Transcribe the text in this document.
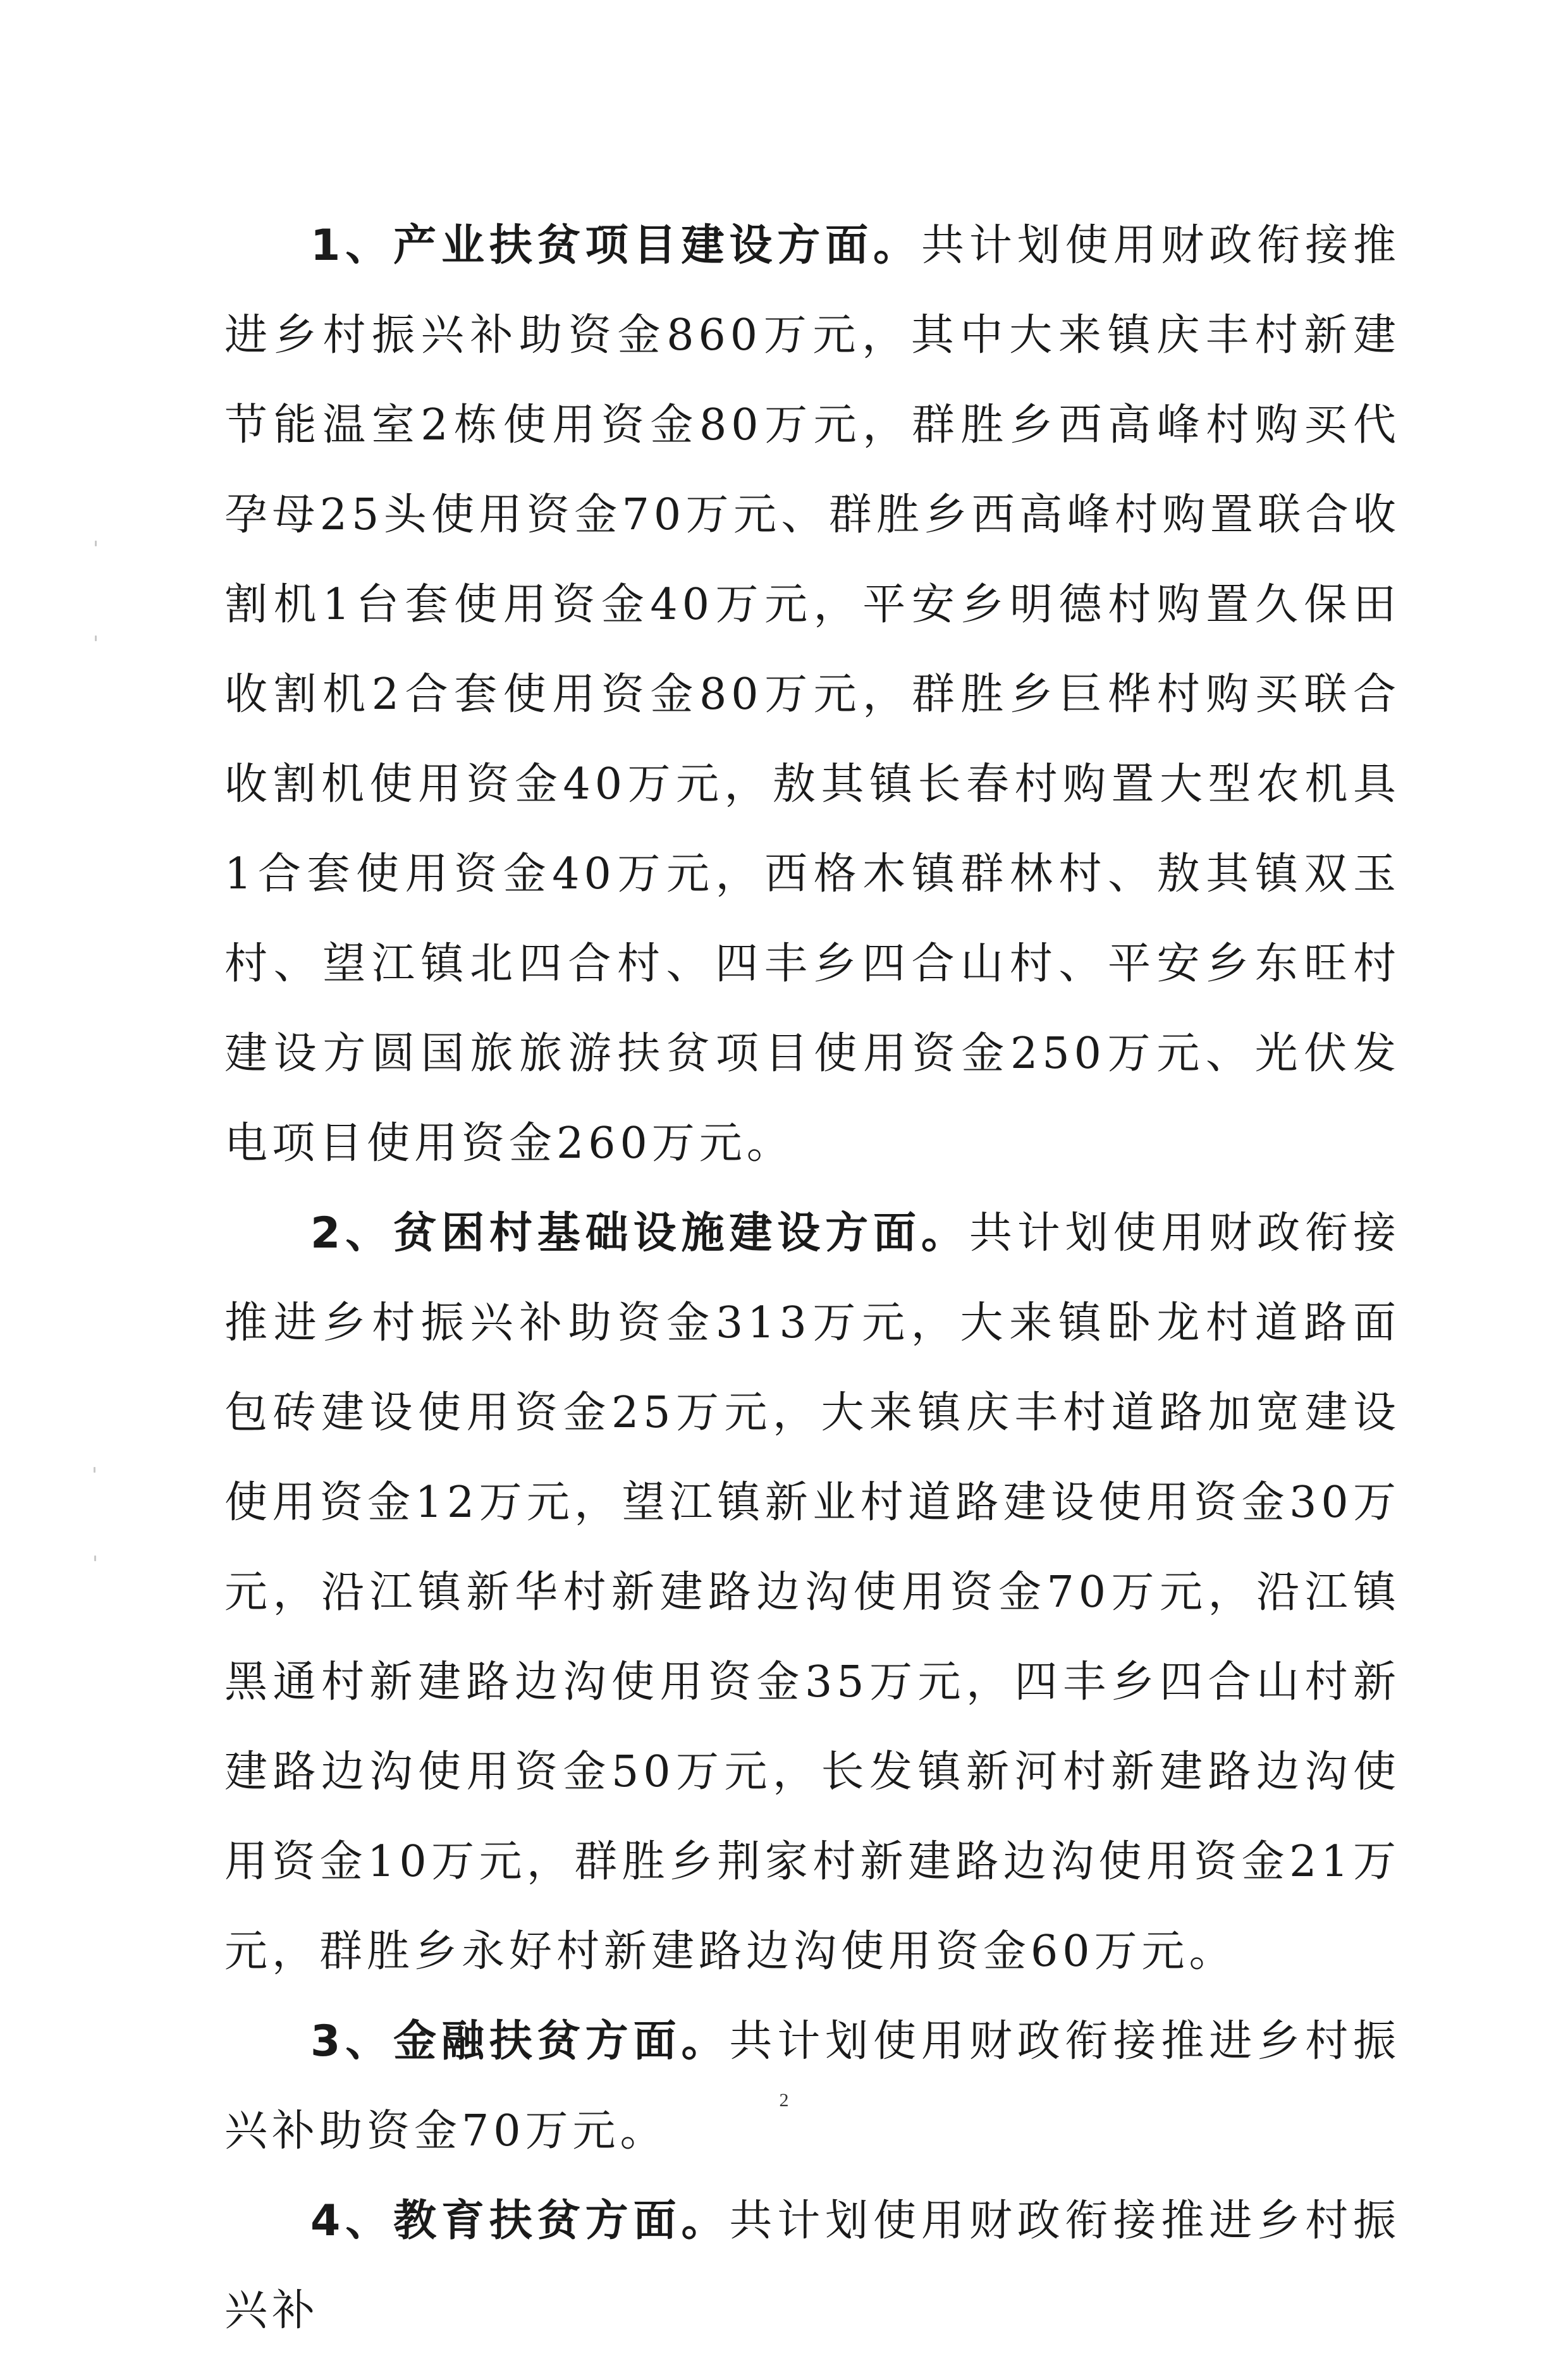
1、产业扶贫项目建设方面。共计划使用财政衔接推进乡村振兴补助资金860万元，其中大来镇庆丰村新建节能温室2栋使用资金80万元，群胜乡西高峰村购买代孕母25头使用资金70万元、群胜乡西高峰村购置联合收割机1台套使用资金40万元，平安乡明德村购置久保田收割机2合套使用资金80万元，群胜乡巨桦村购买联合收割机使用资金40万元，敖其镇长春村购置大型农机具1合套使用资金40万元，西格木镇群林村、敖其镇双玉村、望江镇北四合村、四丰乡四合山村、平安乡东旺村建设方圆国旅旅游扶贫项目使用资金250万元、光伏发电项目使用资金260万元。

2、贫困村基础设施建设方面。共计划使用财政衔接推进乡村振兴补助资金313万元，大来镇卧龙村道路面包砖建设使用资金25万元，大来镇庆丰村道路加宽建设使用资金12万元，望江镇新业村道路建设使用资金30万元，沿江镇新华村新建路边沟使用资金70万元，沿江镇黑通村新建路边沟使用资金35万元，四丰乡四合山村新建路边沟使用资金50万元，长发镇新河村新建路边沟使用资金10万元，群胜乡荆家村新建路边沟使用资金21万元，群胜乡永好村新建路边沟使用资金60万元。

3、金融扶贫方面。共计划使用财政衔接推进乡村振兴补助资金70万元。

4、教育扶贫方面。共计划使用财政衔接推进乡村振兴补

2
